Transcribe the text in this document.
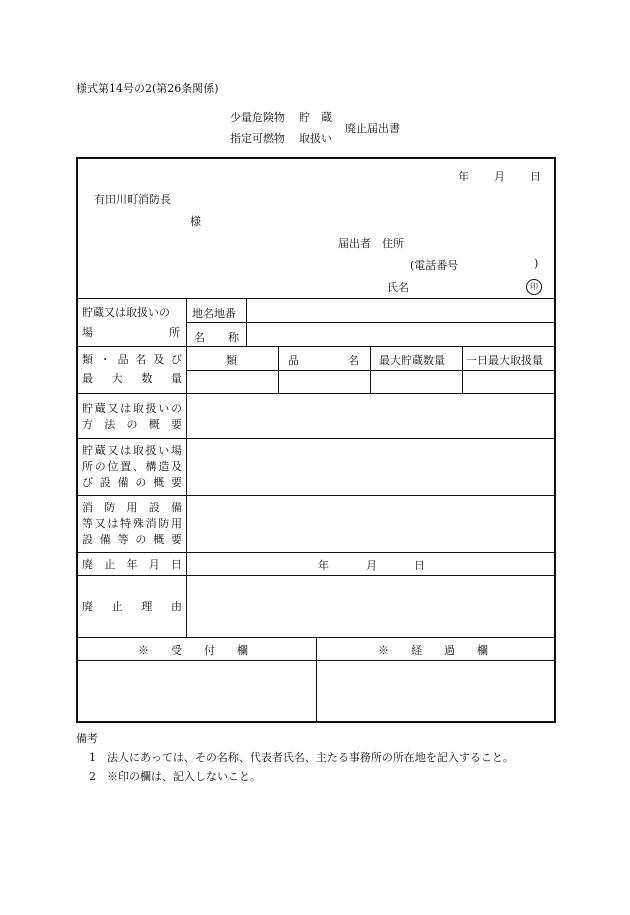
様式第14号の2(第26条関係)
少量危険物 貯　蔵
指定可燃物 取扱い
廃止届出書
年 月 日
有田川町消防長
様
届出者　住所
(電話番号	)
氏名	印
貯蔵又は取扱いの
場	所
地名地番
名 称
類・品名及び
最大数量
類	品	名 最大貯蔵数量 一日最大取扱量
貯蔵又は取扱いの
方法の概要
貯蔵又は取扱い場
所の位置、構造及
び設備の概要
消防用設備
等又は特殊消防用
設備等の概要
廃止年月日	年	月	日
廃止理由
※　　受　　付　　欄	※　　経　　過　　欄
備考
1　法人にあっては、その名称、代表者氏名、主たる事務所の所在地を記入すること。
2　※印の欄は、記入しないこと。
